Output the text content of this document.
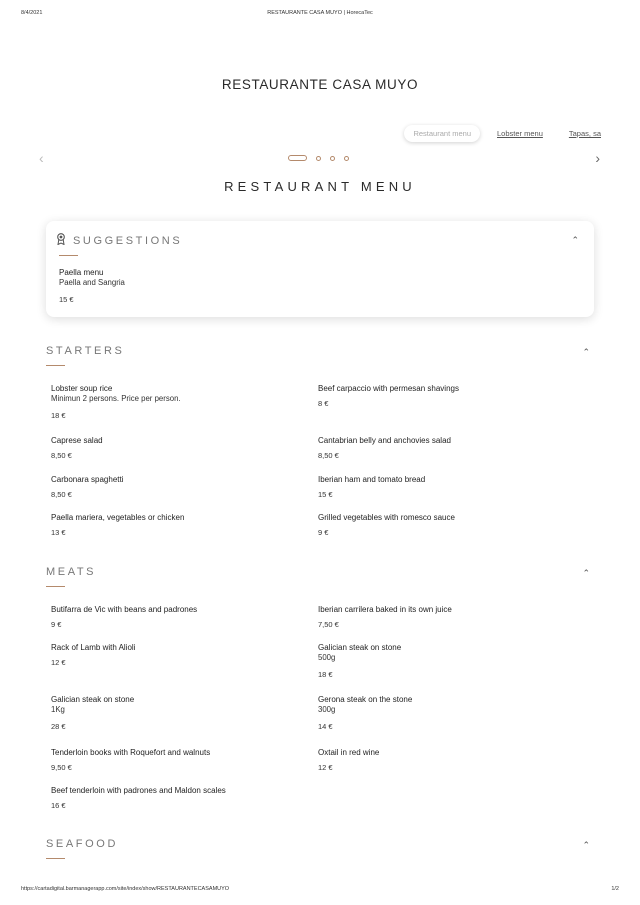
8/4/2021	RESTAURANTE CASA MUYO | HorecaTec
RESTAURANTE CASA MUYO
Restaurant menu	Lobster menu	Tapas, sa
‹	›
RESTAURANT MENU
SUGGESTIONS	⌃
Paella menu
Paella and Sangria
15 €
STARTERS	⌃
Lobster soup rice
Minimun 2 persons. Price per person.
18 €
Beef carpaccio with permesan shavings
8 €
Caprese salad
8,50 €
Cantabrian belly and anchovies salad
8,50 €
Carbonara spaghetti
8,50 €
Iberian ham and tomato bread
15 €
Paella mariera, vegetables or chicken
13 €
Grilled vegetables with romesco sauce
9 €
MEATS	⌃
Butifarra de Vic with beans and padrones
9 €
Iberian carrilera baked in its own juice
7,50 €
Rack of Lamb with Alioli
12 €
Galician steak on stone
500g
18 €
Galician steak on stone
1Kg
28 €
Gerona steak on the stone
300g
14 €
Tenderloin books with Roquefort and walnuts
9,50 €
Oxtail in red wine
12 €
Beef tenderloin with padrones and Maldon scales
16 €
SEAFOOD	⌃
https://cartadigital.barmanagerapp.com/site/index/show/RESTAURANTECASAMUYO	1/2
